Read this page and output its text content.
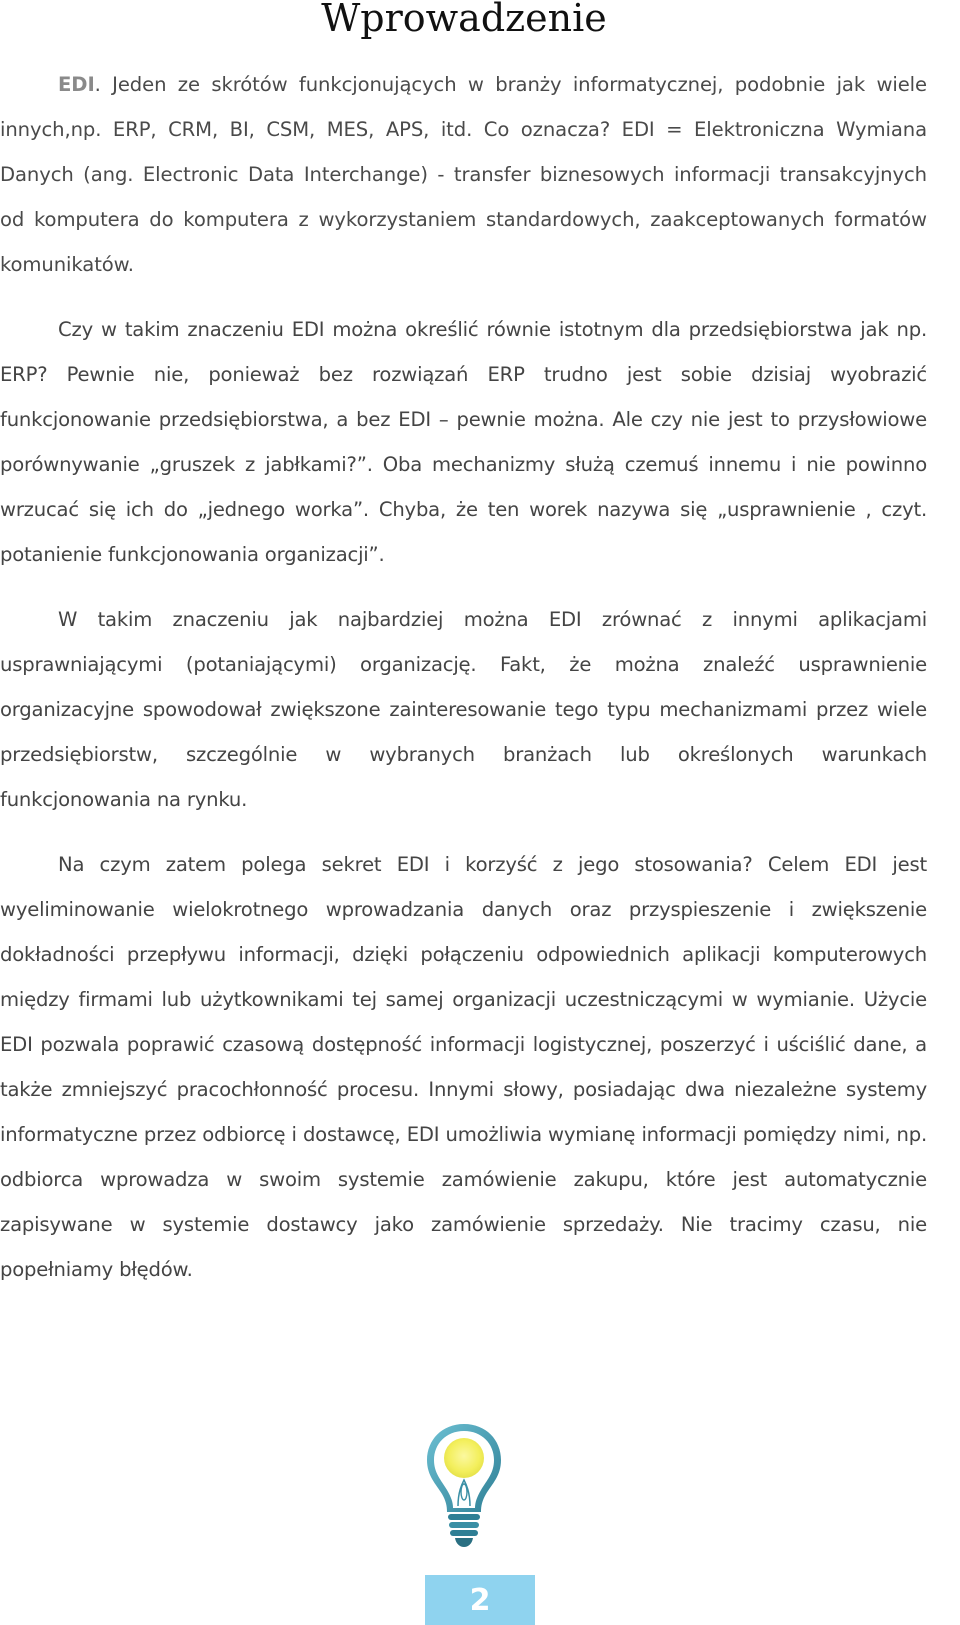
Wprowadzenie

EDI. Jeden ze skrótów funkcjonujących w branży informatycznej, podobnie jak wiele innych,np. ERP, CRM, BI, CSM, MES, APS, itd. Co oznacza? EDI = Elektroniczna Wymiana Danych (ang. Electronic Data Interchange) - transfer biznesowych informacji transakcyjnych od komputera do komputera z wykorzystaniem standardowych, zaakceptowanych formatów komunikatów.

Czy w takim znaczeniu EDI można określić równie istotnym dla przedsiębiorstwa jak np. ERP? Pewnie nie, ponieważ bez rozwiązań ERP trudno jest sobie dzisiaj wyobrazić funkcjonowanie przedsiębiorstwa, a bez EDI – pewnie można. Ale czy nie jest to przysłowiowe porównywanie „gruszek z jabłkami?”. Oba mechanizmy służą czemuś innemu i nie powinno wrzucać się ich do „jednego worka”. Chyba, że ten worek nazywa się „usprawnienie , czyt. potanienie funkcjonowania organizacji”.

W takim znaczeniu jak najbardziej można EDI zrównać z innymi aplikacjami usprawniającymi (potaniającymi) organizację. Fakt, że można znaleźć usprawnienie organizacyjne spowodował zwiększone zainteresowanie tego typu mechanizmami przez wiele przedsiębiorstw, szczególnie w wybranych branżach lub określonych warunkach funkcjonowania na rynku.

Na czym zatem polega sekret EDI i korzyść z jego stosowania? Celem EDI jest wyeliminowanie wielokrotnego wprowadzania danych oraz przyspieszenie i zwiększenie dokładności przepływu informacji, dzięki połączeniu odpowiednich aplikacji komputerowych między firmami lub użytkownikami tej samej organizacji uczestniczącymi w wymianie. Użycie EDI pozwala poprawić czasową dostępność informacji logistycznej, poszerzyć i uściślić dane, a także zmniejszyć pracochłonność procesu. Innymi słowy, posiadając dwa niezależne systemy informatyczne przez odbiorcę i dostawcę, EDI umożliwia wymianę informacji pomiędzy nimi, np. odbiorca wprowadza w swoim systemie zamówienie zakupu, które jest automatycznie zapisywane w systemie dostawcy jako zamówienie sprzedaży. Nie tracimy czasu, nie popełniamy błędów.

2
